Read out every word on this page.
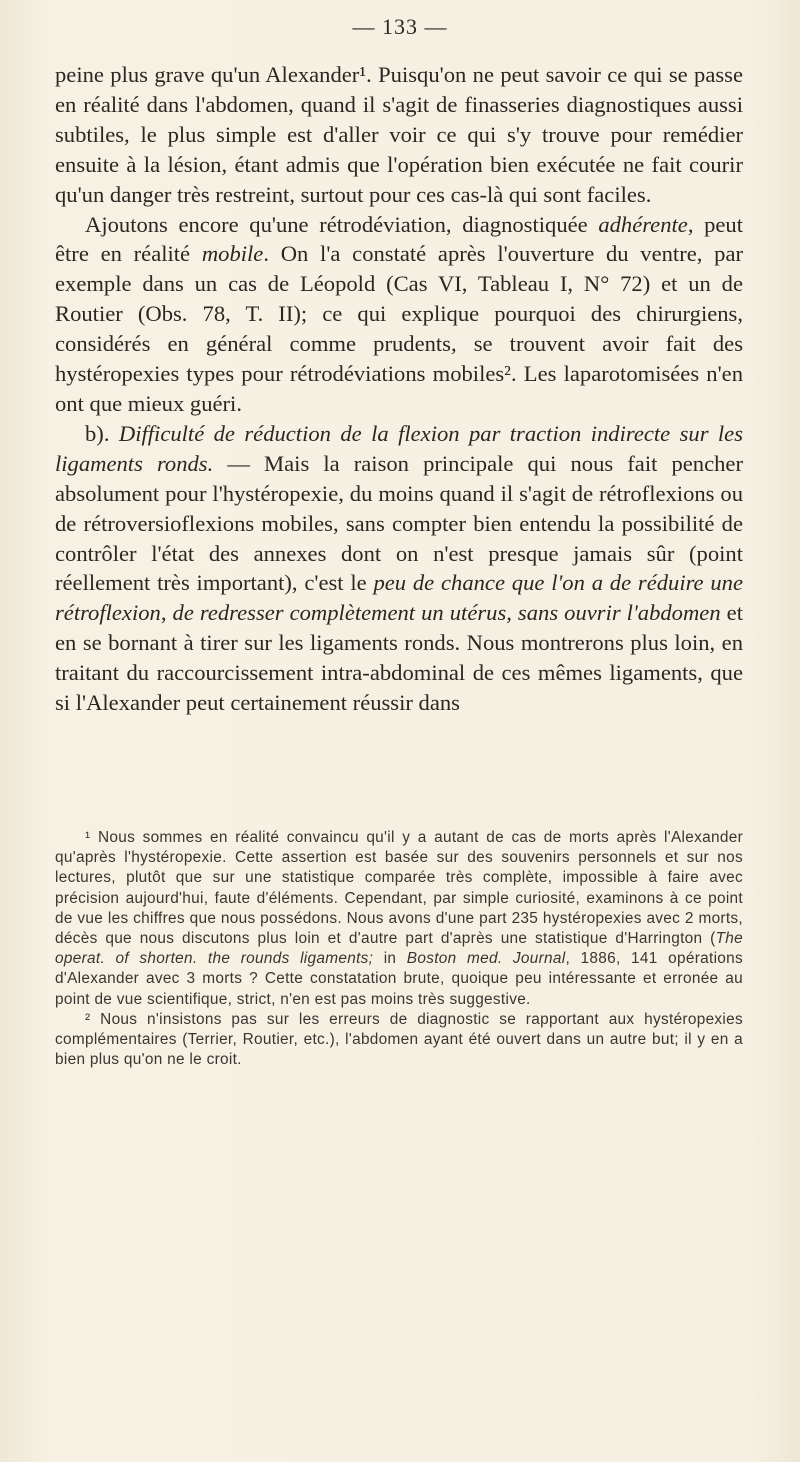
— 133 —

peine plus grave qu'un Alexander¹. Puisqu'on ne peut savoir ce qui se passe en réalité dans l'abdomen, quand il s'agit de finasseries diagnostiques aussi subtiles, le plus simple est d'aller voir ce qui s'y trouve pour remédier ensuite à la lésion, étant admis que l'opération bien exécutée ne fait courir qu'un danger très restreint, surtout pour ces cas-là qui sont faciles.

Ajoutons encore qu'une rétrodéviation, diagnostiquée adhérente, peut être en réalité mobile. On l'a constaté après l'ouverture du ventre, par exemple dans un cas de Léopold (Cas VI, Tableau I, N° 72) et un de Routier (Obs. 78, T. II); ce qui explique pourquoi des chirurgiens, considérés en général comme prudents, se trouvent avoir fait des hystéropexies types pour rétrodéviations mobiles². Les laparotomisées n'en ont que mieux guéri.

b). Difficulté de réduction de la flexion par traction indirecte sur les ligaments ronds. — Mais la raison principale qui nous fait pencher absolument pour l'hystéropexie, du moins quand il s'agit de rétroflexions ou de rétroversioflexions mobiles, sans compter bien entendu la possibilité de contrôler l'état des annexes dont on n'est presque jamais sûr (point réellement très important), c'est le peu de chance que l'on a de réduire une rétroflexion, de redresser complètement un utérus, sans ouvrir l'abdomen et en se bornant à tirer sur les ligaments ronds. Nous montrerons plus loin, en traitant du raccourcissement intra-abdominal de ces mêmes ligaments, que si l'Alexander peut certainement réussir dans

¹ Nous sommes en réalité convaincu qu'il y a autant de cas de morts après l'Alexander qu'après l'hystéropexie. Cette assertion est basée sur des souvenirs personnels et sur nos lectures, plutôt que sur une statistique comparée très complète, impossible à faire avec précision aujourd'hui, faute d'éléments. Cependant, par simple curiosité, examinons à ce point de vue les chiffres que nous possédons. Nous avons d'une part 235 hystéropexies avec 2 morts, décès que nous discutons plus loin et d'autre part d'après une statistique d'Harrington (The operat. of shorten. the rounds ligaments; in Boston med. Journal, 1886, 141 opérations d'Alexander avec 3 morts ? Cette constatation brute, quoique peu intéressante et erronée au point de vue scientifique, strict, n'en est pas moins très suggestive.

² Nous n'insistons pas sur les erreurs de diagnostic se rapportant aux hystéropexies complémentaires (Terrier, Routier, etc.), l'abdomen ayant été ouvert dans un autre but; il y en a bien plus qu'on ne le croit.
